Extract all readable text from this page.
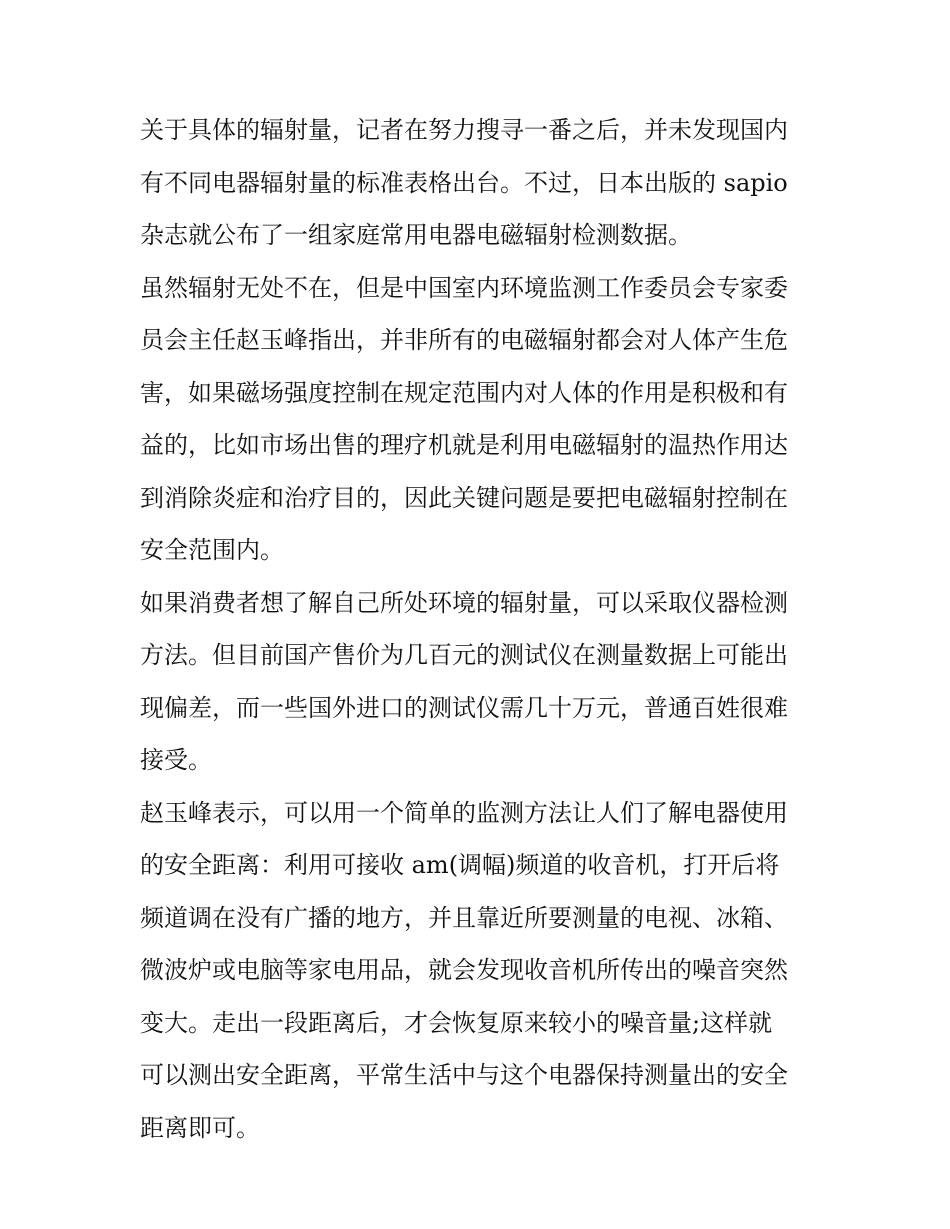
关于具体的辐射量，记者在努力搜寻一番之后，并未发现国内
有不同电器辐射量的标准表格出台。不过，日本出版的 sapio
杂志就公布了一组家庭常用电器电磁辐射检测数据。
虽然辐射无处不在，但是中国室内环境监测工作委员会专家委
员会主任赵玉峰指出，并非所有的电磁辐射都会对人体产生危
害，如果磁场强度控制在规定范围内对人体的作用是积极和有
益的，比如市场出售的理疗机就是利用电磁辐射的温热作用达
到消除炎症和治疗目的，因此关键问题是要把电磁辐射控制在
安全范围内。
如果消费者想了解自己所处环境的辐射量，可以采取仪器检测
方法。但目前国产售价为几百元的测试仪在测量数据上可能出
现偏差，而一些国外进口的测试仪需几十万元，普通百姓很难
接受。
赵玉峰表示，可以用一个简单的监测方法让人们了解电器使用
的安全距离：利用可接收 am(调幅)频道的收音机，打开后将
频道调在没有广播的地方，并且靠近所要测量的电视、冰箱、
微波炉或电脑等家电用品，就会发现收音机所传出的噪音突然
变大。走出一段距离后，才会恢复原来较小的噪音量;这样就
可以测出安全距离，平常生活中与这个电器保持测量出的安全
距离即可。
